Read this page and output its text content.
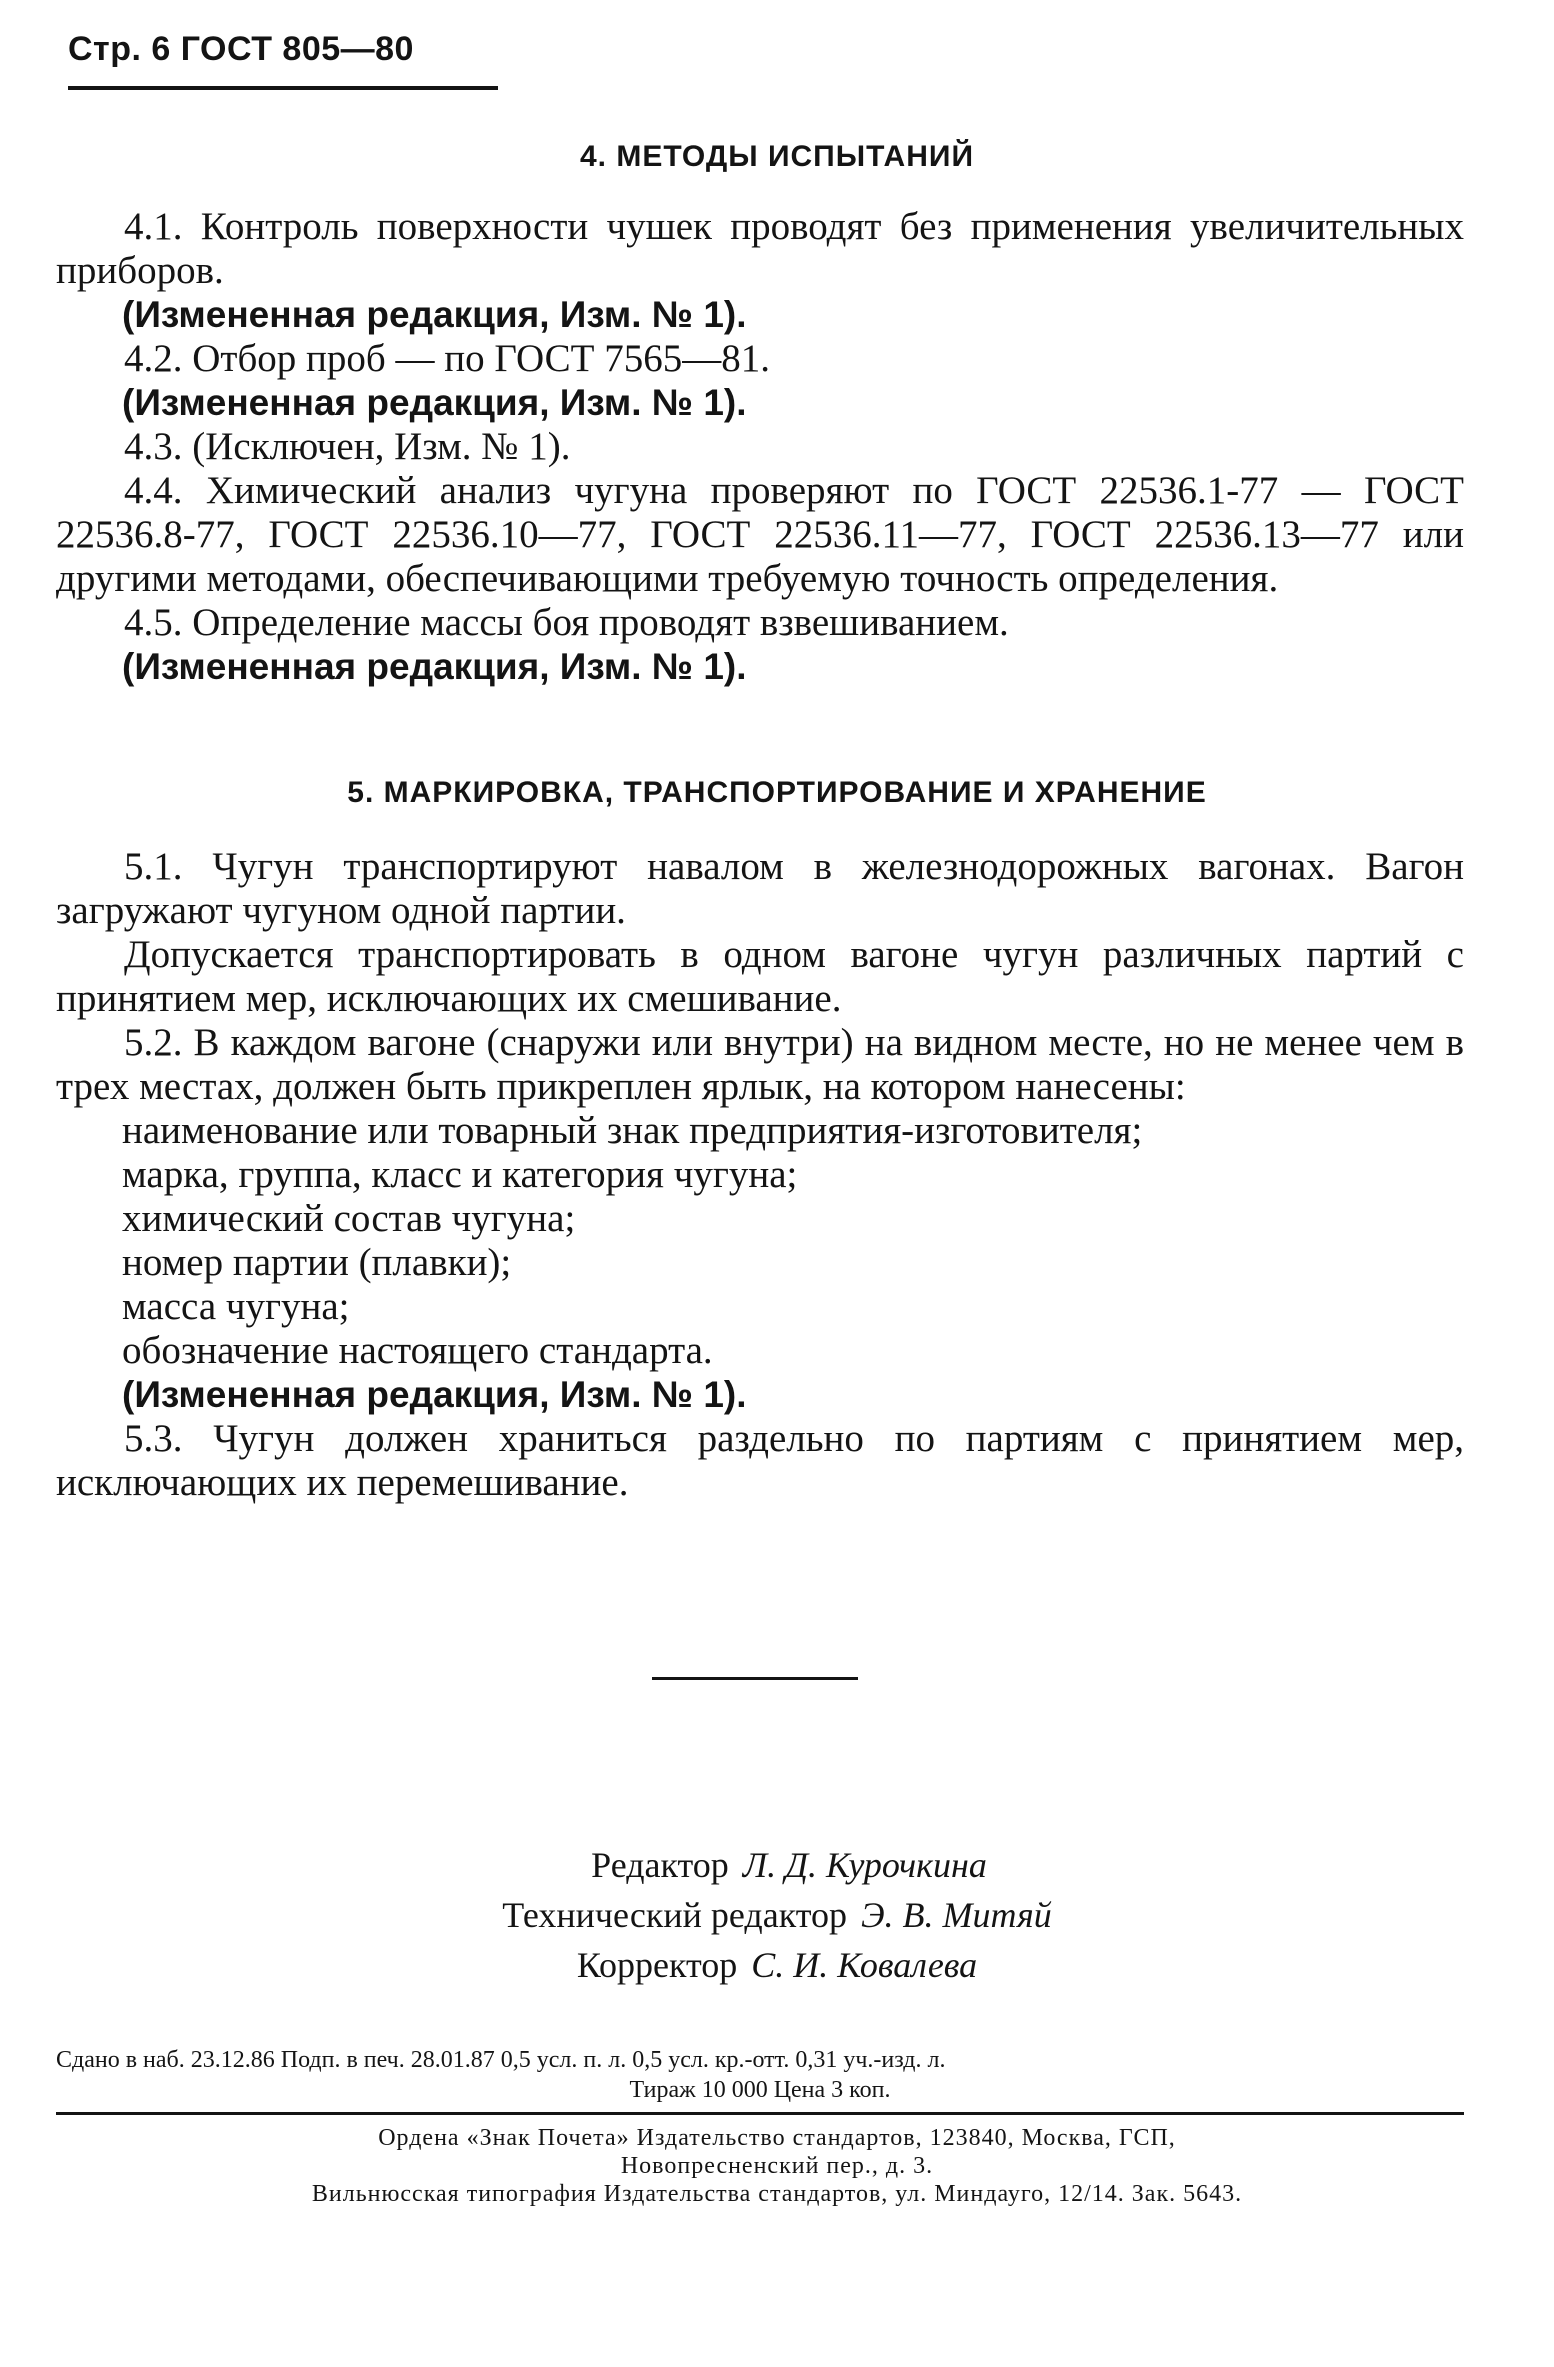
Стр. 6 ГОСТ 805—80
4. МЕТОДЫ ИСПЫТАНИЙ

4.1. Контроль поверхности чушек проводят без применения увеличительных приборов.

(Измененная редакция, Изм. № 1).

4.2. Отбор проб — по ГОСТ 7565—81.

(Измененная редакция, Изм. № 1).

4.3. (Исключен, Изм. № 1).

4.4. Химический анализ чугуна проверяют по ГОСТ 22536.1-77 — ГОСТ 22536.8-77, ГОСТ 22536.10—77, ГОСТ 22536.11—77, ГОСТ 22536.13—77 или другими методами, обеспечивающими требуемую точность определения.

4.5. Определение массы боя проводят взвешиванием.

(Измененная редакция, Изм. № 1).

5. МАРКИРОВКА, ТРАНСПОРТИРОВАНИЕ И ХРАНЕНИЕ

5.1. Чугун транспортируют навалом в железнодорожных вагонах. Вагон загружают чугуном одной партии.

Допускается транспортировать в одном вагоне чугун различных партий с принятием мер, исключающих их смешивание.

5.2. В каждом вагоне (снаружи или внутри) на видном месте, но не менее чем в трех местах, должен быть прикреплен ярлык, на котором нанесены:

наименование или товарный знак предприятия-изготовителя;

марка, группа, класс и категория чугуна;

химический состав чугуна;

номер партии (плавки);

масса чугуна;

обозначение настоящего стандарта.

(Измененная редакция, Изм. № 1).

5.3. Чугун должен храниться раздельно по партиям с принятием мер, исключающих их перемешивание.

Редактор Л. Д. Курочкина
Технический редактор Э. В. Митяй
Корректор С. И. Ковалева
Сдано в наб. 23.12.86 Подп. в печ. 28.01.87 0,5 усл. п. л. 0,5 усл. кр.-отт. 0,31 уч.-изд. л.
Тираж 10 000 Цена 3 коп.
Ордена «Знак Почета» Издательство стандартов, 123840, Москва, ГСП,
Новопресненский пер., д. 3.
Вильнюсская типография Издательства стандартов, ул. Миндауго, 12/14. Зак. 5643.
